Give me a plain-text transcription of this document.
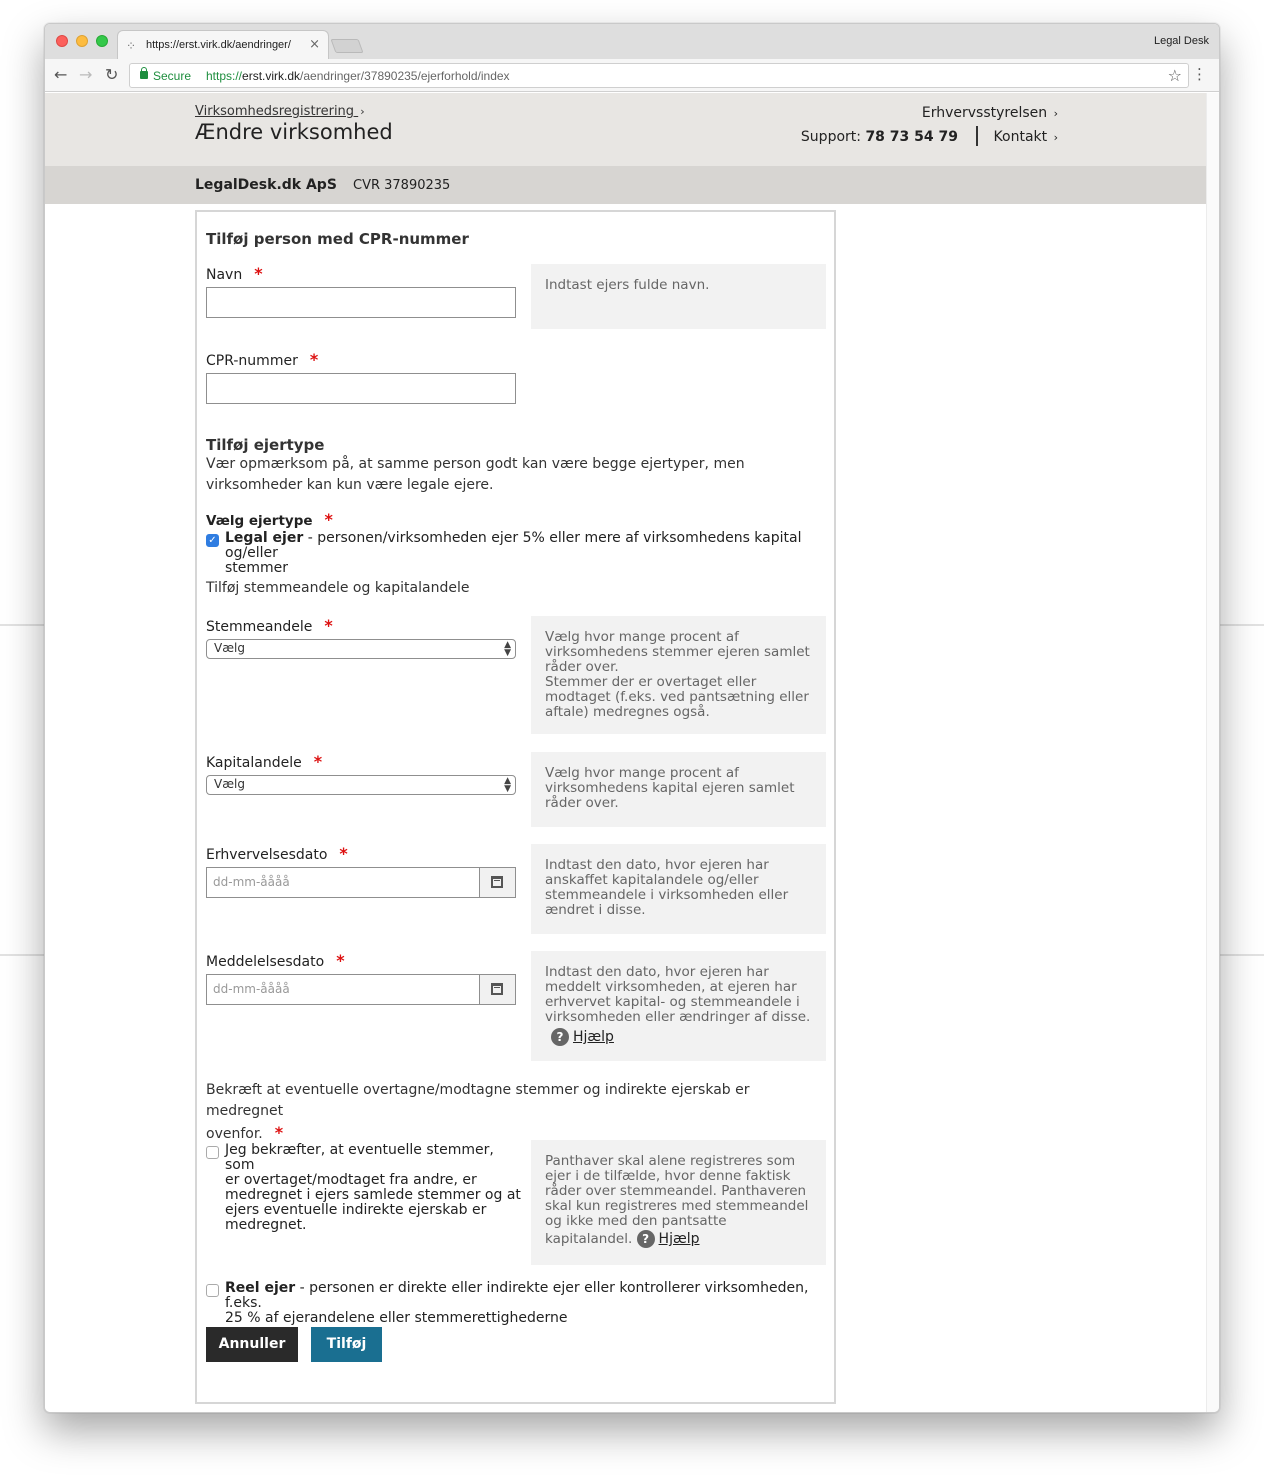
⁘ https://erst.virk.dk/aendringer/	×	Legal Desk
← → ↻	Secure https://erst.virk.dk/aendringer/37890235/ejerforhold/index	☆ ⋮
Virksomhedsregistrering ›
Ændre virksomhed
Erhvervsstyrelsen ›
Support: 78 73 54 79	Kontakt ›
LegalDesk.dk ApS CVR 37890235
Tilføj person med CPR-nummer
Navn *
Indtast ejers fulde navn.
CPR-nummer *
Tilføj ejertype
Vær opmærksom på, at samme person godt kan være begge ejertyper, men
virksomheder kan kun være legale ejere.
Vælg ejertype *
✓ Legal ejer - personen/virksomheden ejer 5% eller mere af virksomhedens kapital og/eller
stemmer
Tilføj stemmeandele og kapitalandele
Stemmeandele *
Vælg	▲
▼
Vælg hvor mange procent af
virksomhedens stemmer ejeren samlet
råder over.
Stemmer der er overtaget eller
modtaget (f.eks. ved pantsætning eller
aftale) medregnes også.
Kapitalandele *
Vælg	▲
▼
Vælg hvor mange procent af
virksomhedens kapital ejeren samlet
råder over.
Erhvervelsesdato *
dd-mm-åååå
Indtast den dato, hvor ejeren har
anskaffet kapitalandele og/eller
stemmeandele i virksomheden eller
ændret i disse.
Meddelelsesdato *
dd-mm-åååå
Indtast den dato, hvor ejeren har
meddelt virksomheden, at ejeren har
erhvervet kapital- og stemmeandele i
virksomheden eller ændringer af disse.
? Hjælp
Bekræft at eventuelle overtagne/modtagne stemmer og indirekte ejerskab er medregnet
ovenfor. *
Jeg bekræfter, at eventuelle stemmer, som
er overtaget/modtaget fra andre, er
medregnet i ejers samlede stemmer og at
ejers eventuelle indirekte ejerskab er
medregnet.
Panthaver skal alene registreres som
ejer i de tilfælde, hvor denne faktisk
råder over stemmeandel. Panthaveren
skal kun registreres med stemmeandel
og ikke med den pantsatte
kapitalandel. ? Hjælp
Reel ejer - personen er direkte eller indirekte ejer eller kontrollerer virksomheden, f.eks.
25 % af ejerandelene eller stemmerettighederne
Annuller	Tilføj
